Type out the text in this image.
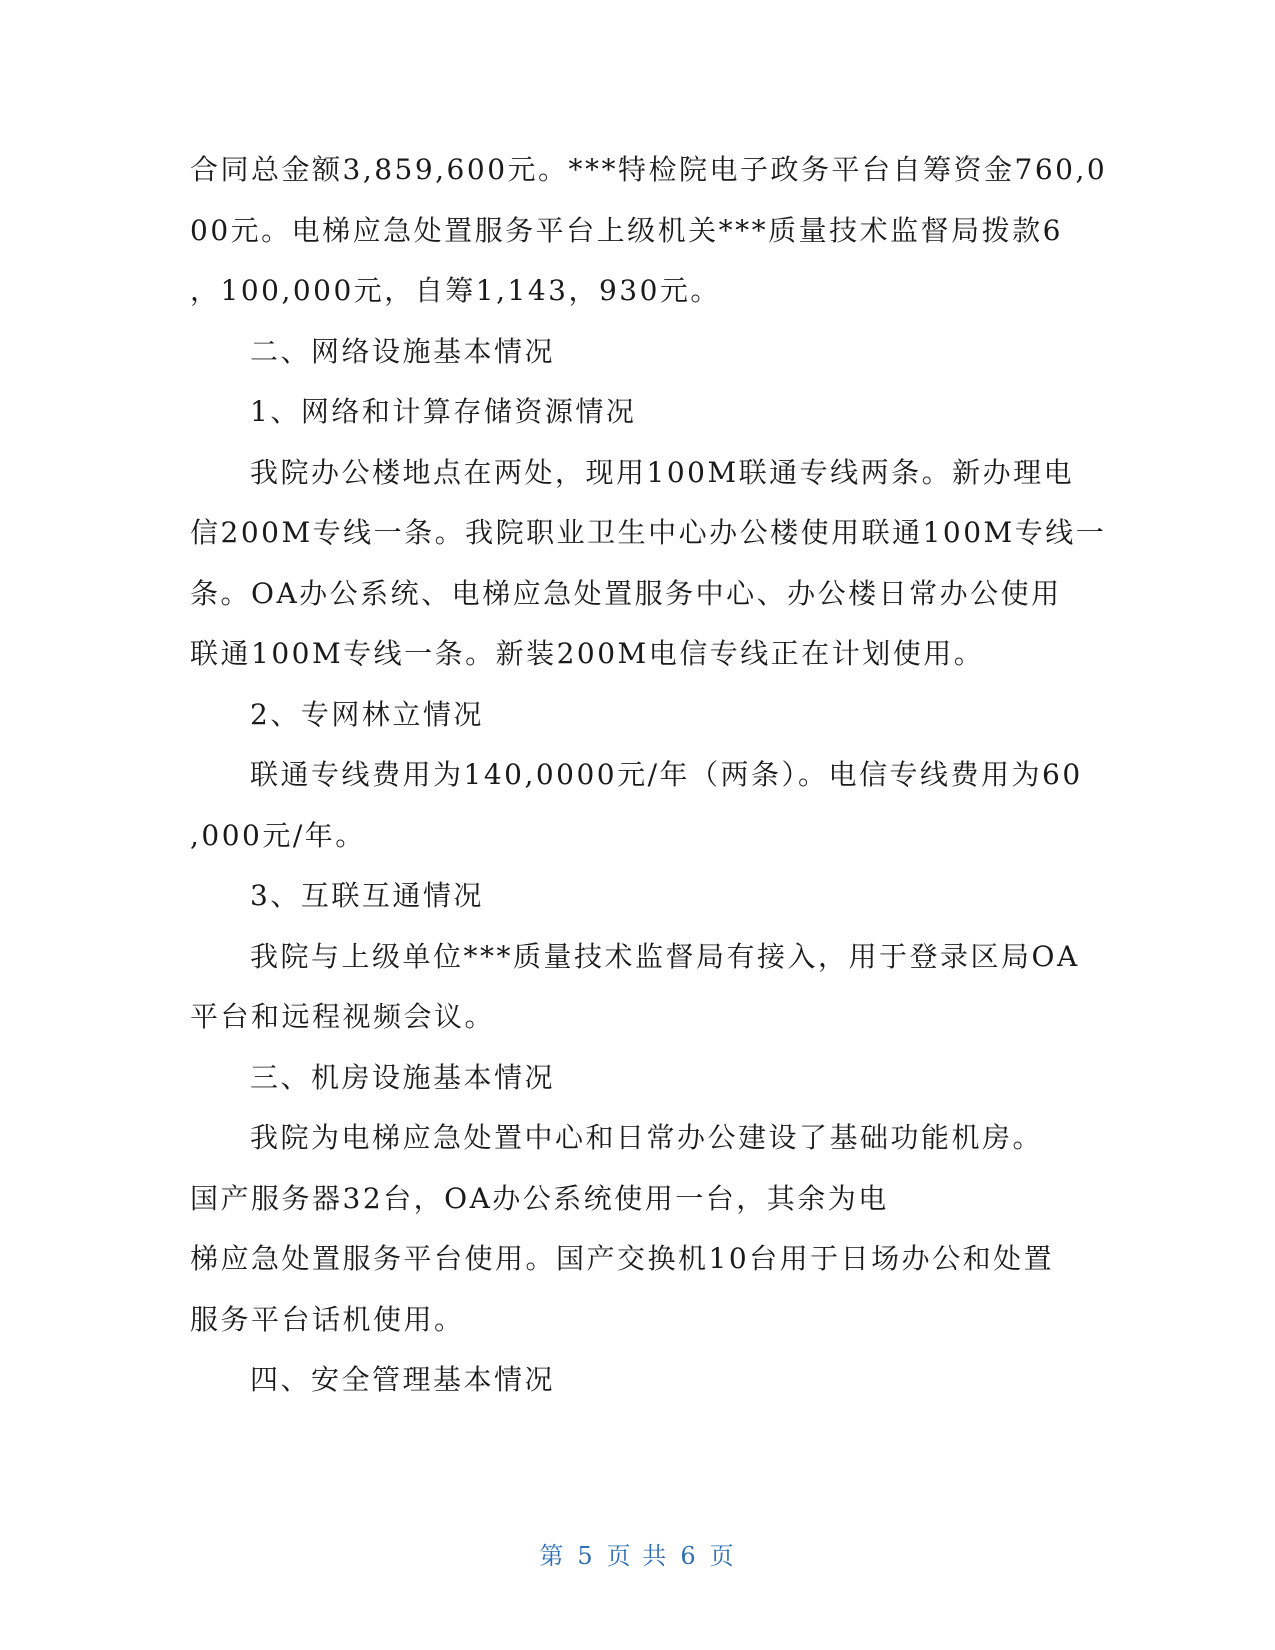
合同总金额3,859,600元。***特检院电子政务平台自筹资金760,0
00元。电梯应急处置服务平台上级机关***质量技术监督局拨款6
，100,000元，自筹1,143，930元。
二、网络设施基本情况
1、网络和计算存储资源情况
我院办公楼地点在两处，现用100M联通专线两条。新办理电
信200M专线一条。我院职业卫生中心办公楼使用联通100M专线一
条。OA办公系统、电梯应急处置服务中心、办公楼日常办公使用
联通100M专线一条。新装200M电信专线正在计划使用。
2、专网林立情况
联通专线费用为140,0000元/年（两条）。电信专线费用为60
,000元/年。
3、互联互通情况
我院与上级单位***质量技术监督局有接入，用于登录区局OA
平台和远程视频会议。
三、机房设施基本情况
我院为电梯应急处置中心和日常办公建设了基础功能机房。
国产服务器32台，OA办公系统使用一台，其余为电
梯应急处置服务平台使用。国产交换机10台用于日场办公和处置
服务平台话机使用。
四、安全管理基本情况
第 5 页 共 6 页
